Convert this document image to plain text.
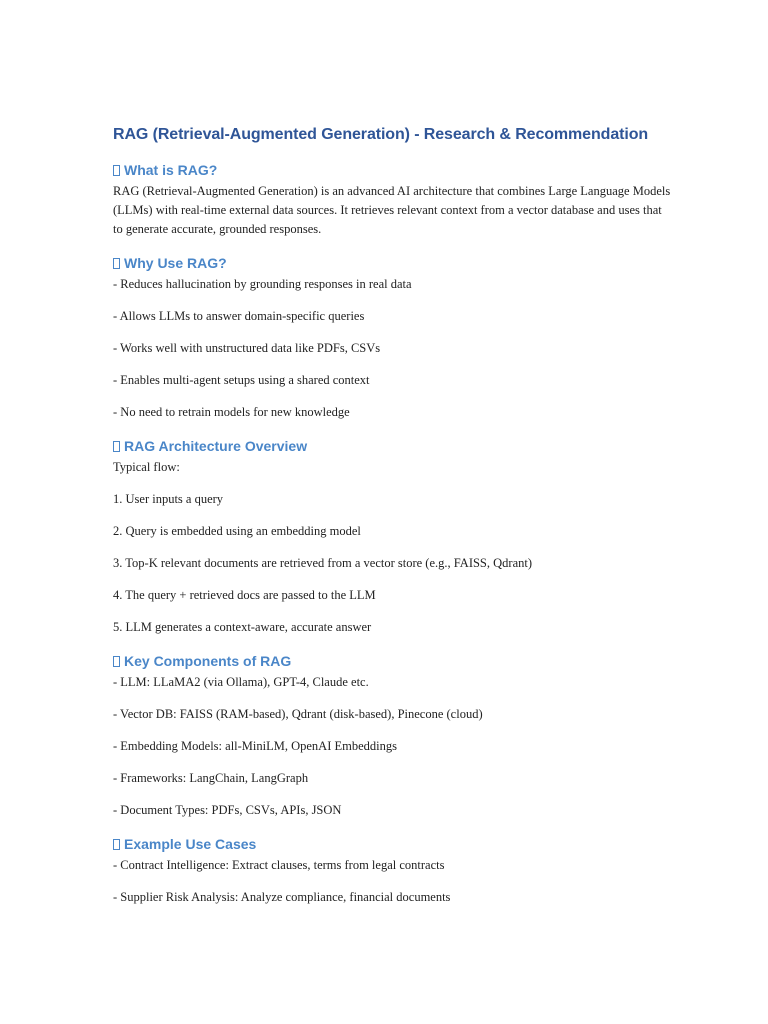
RAG (Retrieval-Augmented Generation) - Research & Recommendation
What is RAG?

RAG (Retrieval-Augmented Generation) is an advanced AI architecture that combines Large Language Models (LLMs) with real-time external data sources. It retrieves relevant context from a vector database and uses that to generate accurate, grounded responses.

Why Use RAG?

- Reduces hallucination by grounding responses in real data

- Allows LLMs to answer domain-specific queries

- Works well with unstructured data like PDFs, CSVs

- Enables multi-agent setups using a shared context

- No need to retrain models for new knowledge

RAG Architecture Overview

Typical flow:

1. User inputs a query

2. Query is embedded using an embedding model

3. Top-K relevant documents are retrieved from a vector store (e.g., FAISS, Qdrant)

4. The query + retrieved docs are passed to the LLM

5. LLM generates a context-aware, accurate answer

Key Components of RAG

- LLM: LLaMA2 (via Ollama), GPT-4, Claude etc.

- Vector DB: FAISS (RAM-based), Qdrant (disk-based), Pinecone (cloud)

- Embedding Models: all-MiniLM, OpenAI Embeddings

- Frameworks: LangChain, LangGraph

- Document Types: PDFs, CSVs, APIs, JSON

Example Use Cases

- Contract Intelligence: Extract clauses, terms from legal contracts

- Supplier Risk Analysis: Analyze compliance, financial documents
